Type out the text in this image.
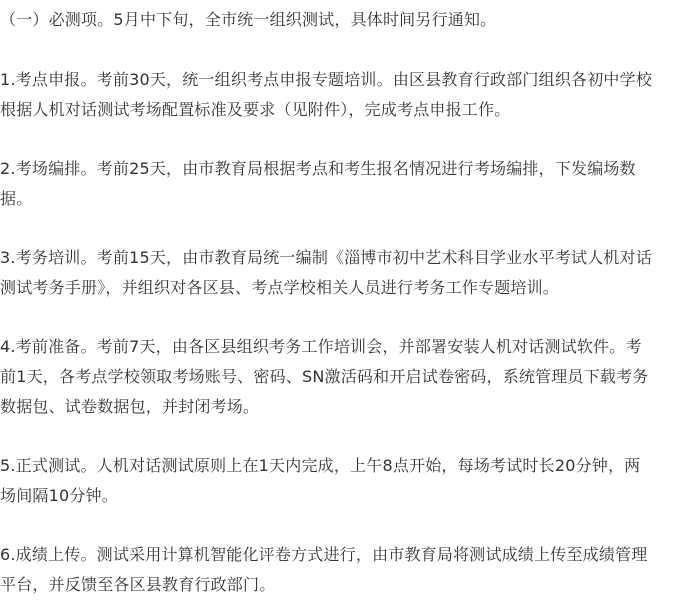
（一）必测项。5月中下旬，全市统一组织测试，具体时间另行通知。
1.考点申报。考前30天，统一组织考点申报专题培训。由区县教育行政部门组织各初中学校
根据人机对话测试考场配置标准及要求（见附件），完成考点申报工作。
2.考场编排。考前25天，由市教育局根据考点和考生报名情况进行考场编排，下发编场数
据。
3.考务培训。考前15天，由市教育局统一编制《淄博市初中艺术科目学业水平考试人机对话
测试考务手册》，并组织对各区县、考点学校相关人员进行考务工作专题培训。
4.考前准备。考前7天，由各区县组织考务工作培训会，并部署安装人机对话测试软件。考
前1天，各考点学校领取考场账号、密码、SN激活码和开启试卷密码，系统管理员下载考务
数据包、试卷数据包，并封闭考场。
5.正式测试。人机对话测试原则上在1天内完成，上午8点开始，每场考试时长20分钟，两
场间隔10分钟。
6.成绩上传。测试采用计算机智能化评卷方式进行，由市教育局将测试成绩上传至成绩管理
平台，并反馈至各区县教育行政部门。
